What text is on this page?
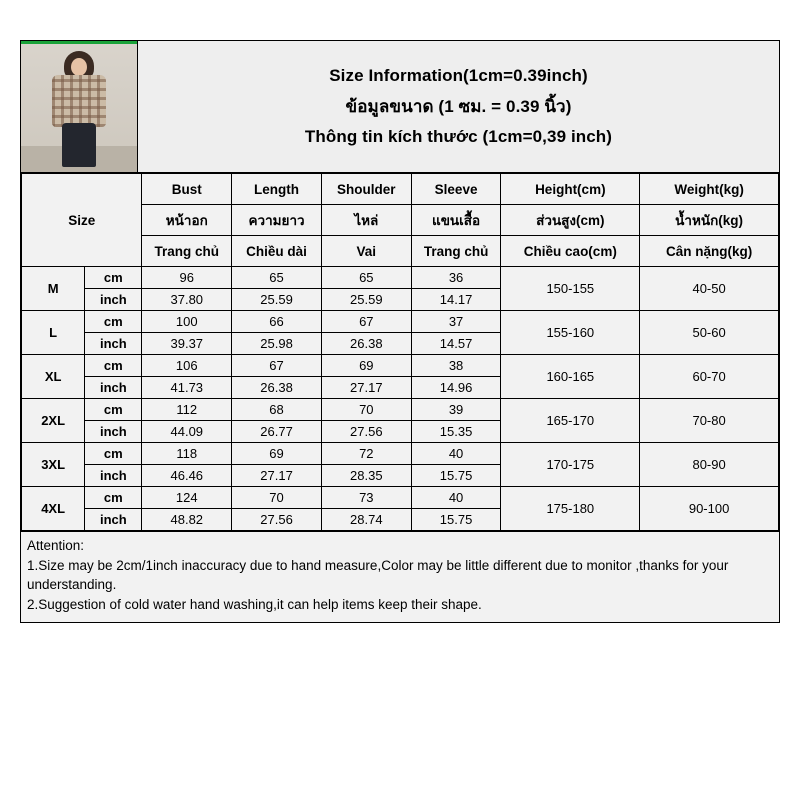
Size Information(1cm=0.39inch)
ข้อมูลขนาด (1 ซม. = 0.39 นิ้ว)
Thông tin kích thước (1cm=0,39 inch)
Size		Bust	Length	Shoulder	Sleeve	Height(cm)	Weight(kg)
		หน้าอก	ความยาว	ไหล่	แขนเสื้อ	ส่วนสูง(cm)	น้ำหนัก(kg)
		Trang chủ	Chiều dài	Vai	Trang chủ	Chiều cao(cm)	Cân nặng(kg)
M	cm	96	65	65	36	150-155	40-50
	inch	37.80	25.59	25.59	14.17		
L	cm	100	66	67	37	155-160	50-60
	inch	39.37	25.98	26.38	14.57		
XL	cm	106	67	69	38	160-165	60-70
	inch	41.73	26.38	27.17	14.96		
2XL	cm	112	68	70	39	165-170	70-80
	inch	44.09	26.77	27.56	15.35		
3XL	cm	118	69	72	40	170-175	80-90
	inch	46.46	27.17	28.35	15.75		
4XL	cm	124	70	73	40	175-180	90-100
	inch	48.82	27.56	28.74	15.75		
Attention:
1.Size may be 2cm/1inch inaccuracy due to hand measure,Color may be little different due to monitor ,thanks for your understanding.
2.Suggestion of cold water hand washing,it can help items keep their shape.
